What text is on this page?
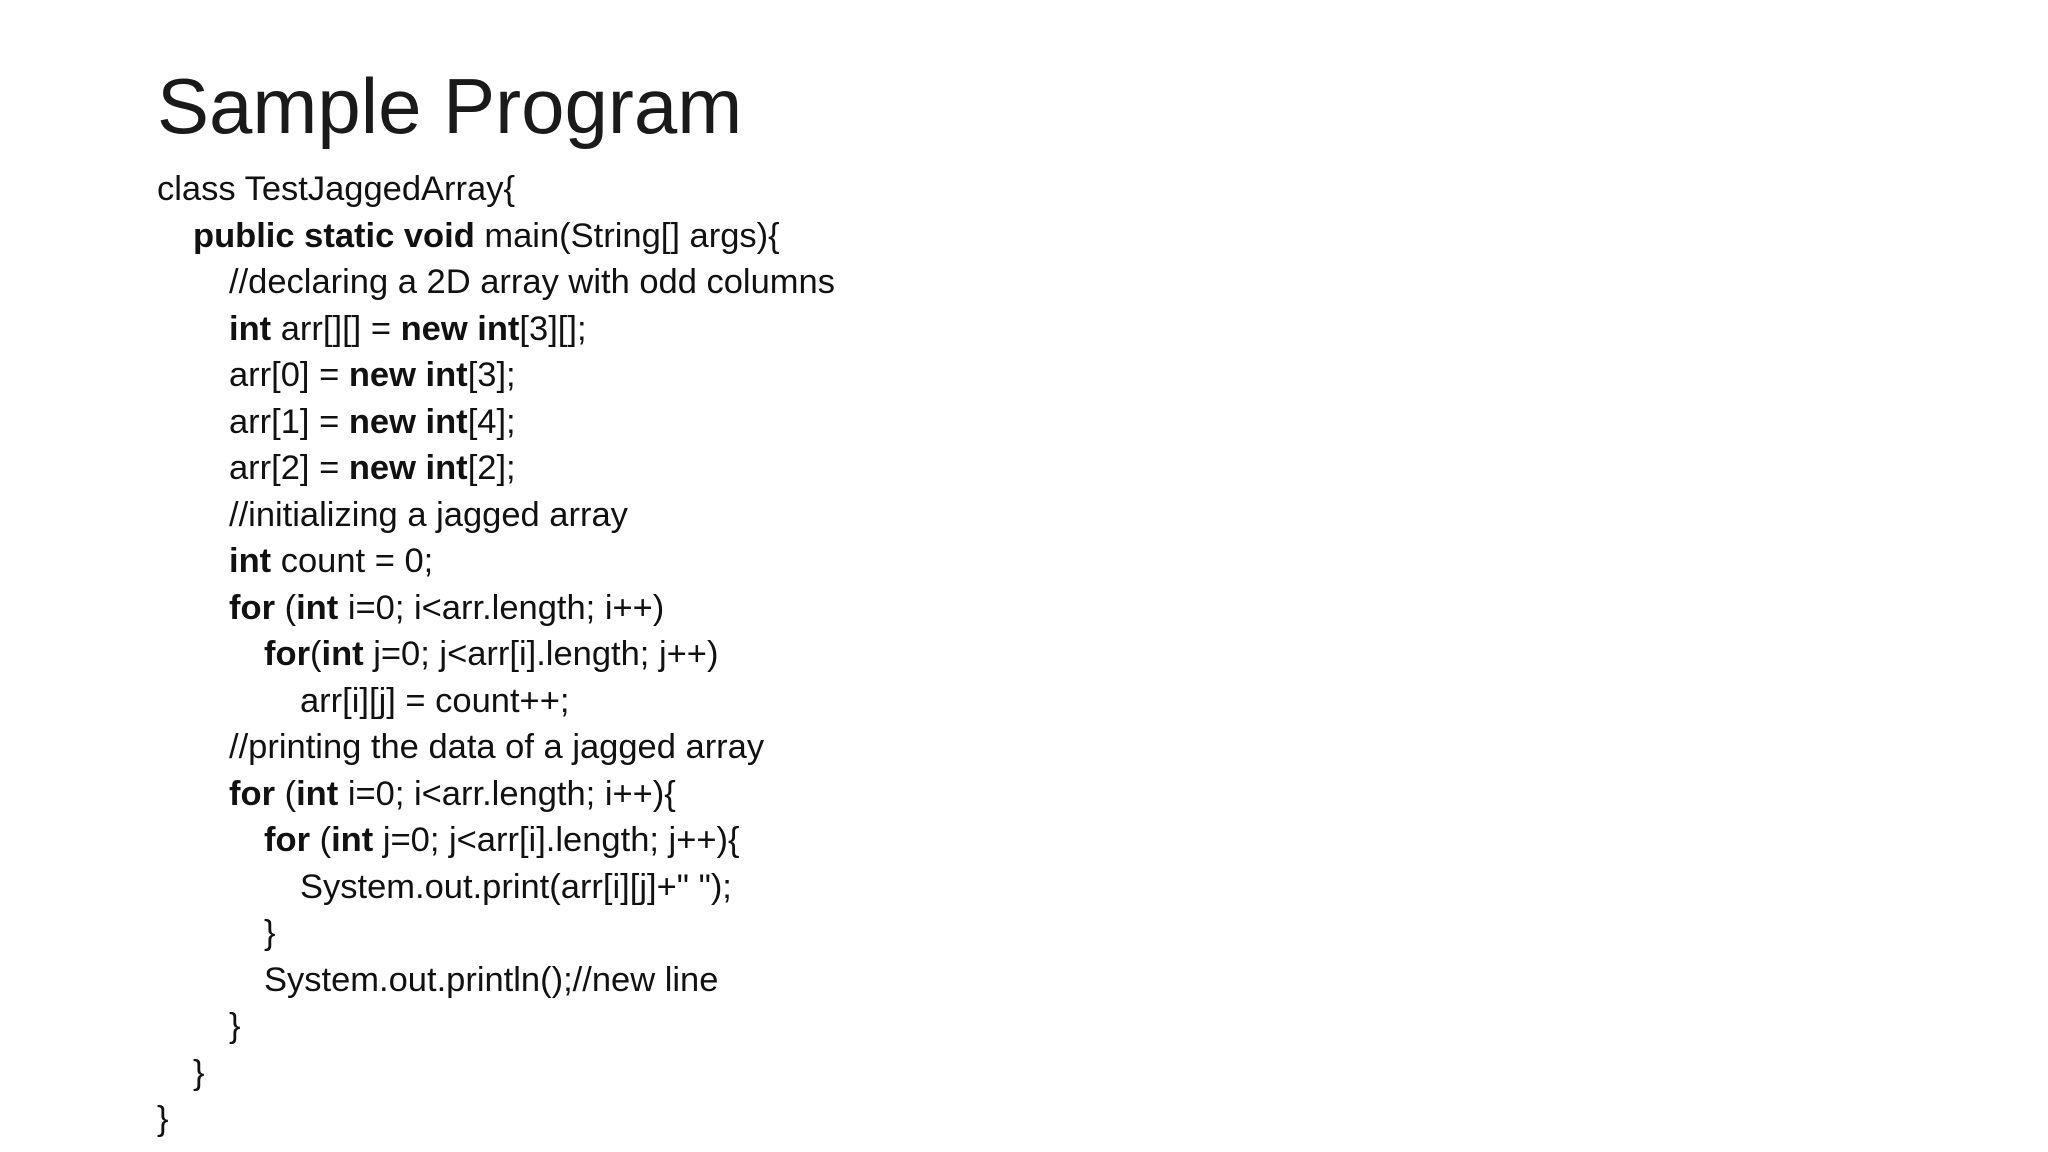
Sample Program
class TestJaggedArray{
public static void main(String[] args){
//declaring a 2D array with odd columns
int arr[][] = new int[3][];
arr[0] = new int[3];
arr[1] = new int[4];
arr[2] = new int[2];
//initializing a jagged array
int count = 0;
for (int i=0; i<arr.length; i++)
for(int j=0; j<arr[i].length; j++)
arr[i][j] = count++;
//printing the data of a jagged array
for (int i=0; i<arr.length; i++){
for (int j=0; j<arr[i].length; j++){
System.out.print(arr[i][j]+" ");
}
System.out.println();//new line
}
}
}
